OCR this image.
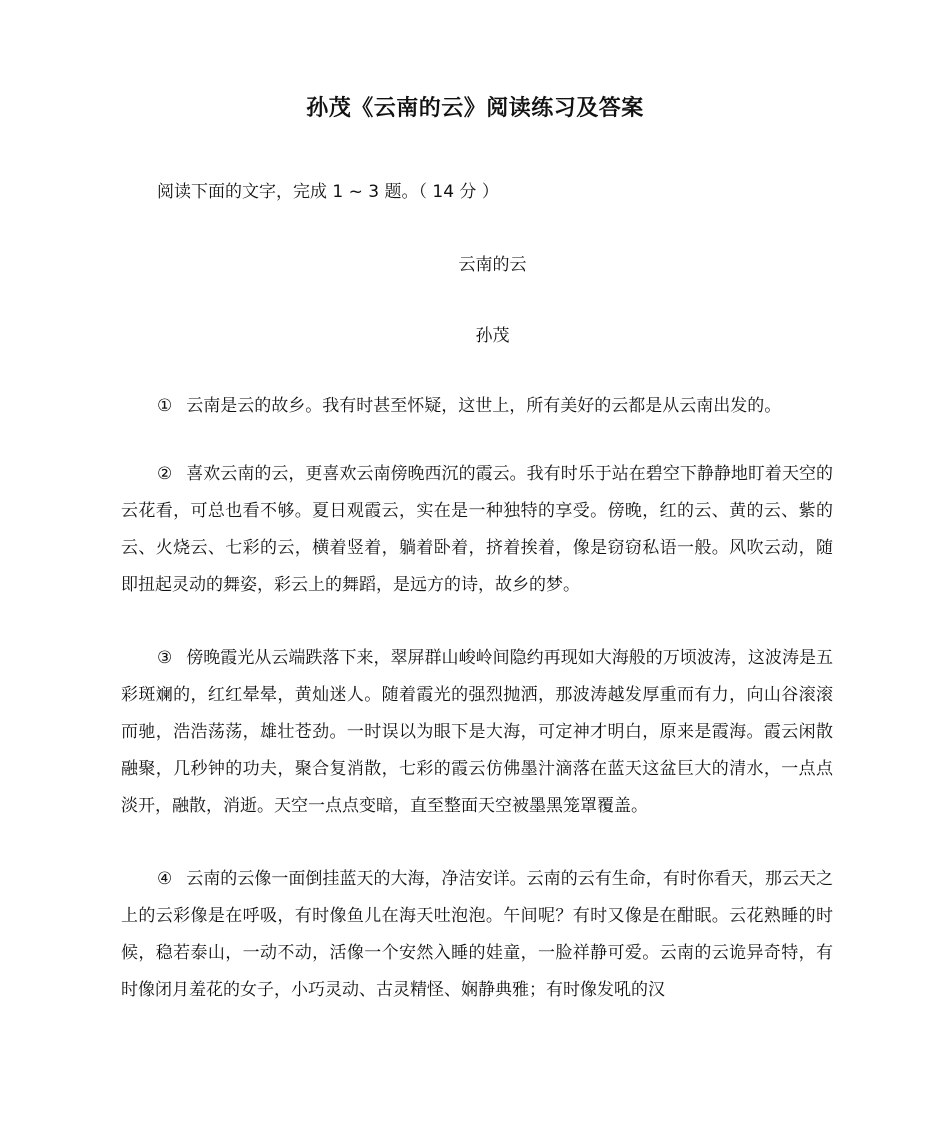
孙茂《云南的云》阅读练习及答案
阅读下面的文字，完成 1 ~ 3 题。（ 14 分 ）
云南的云
孙茂
① 云南是云的故乡。我有时甚至怀疑，这世上，所有美好的云都是从云南出发的。
② 喜欢云南的云，更喜欢云南傍晚西沉的霞云。我有时乐于站在碧空下静静地盯着天空的云花看，可总也看不够。夏日观霞云，实在是一种独特的享受。傍晚，红的云、黄的云、紫的云、火烧云、七彩的云，横着竖着，躺着卧着，挤着挨着，像是窃窃私语一般。风吹云动，随即扭起灵动的舞姿，彩云上的舞蹈，是远方的诗，故乡的梦。
③ 傍晚霞光从云端跌落下来，翠屏群山峻岭间隐约再现如大海般的万顷波涛，这波涛是五彩斑斓的，红红晕晕，黄灿迷人。随着霞光的强烈抛洒，那波涛越发厚重而有力，向山谷滚滚而驰，浩浩荡荡，雄壮苍劲。一时误以为眼下是大海，可定神才明白，原来是霞海。霞云闲散融聚，几秒钟的功夫，聚合复消散，七彩的霞云仿佛墨汁滴落在蓝天这盆巨大的清水，一点点淡开，融散，消逝。天空一点点变暗，直至整面天空被墨黑笼罩覆盖。
④ 云南的云像一面倒挂蓝天的大海，净洁安详。云南的云有生命，有时你看天，那云天之上的云彩像是在呼吸，有时像鱼儿在海天吐泡泡。午间呢？有时又像是在酣眠。云花熟睡的时候，稳若泰山，一动不动，活像一个安然入睡的娃童，一脸祥静可爱。云南的云诡异奇特，有时像闭月羞花的女子，小巧灵动、古灵精怪、娴静典雅；有时像发吼的汉
